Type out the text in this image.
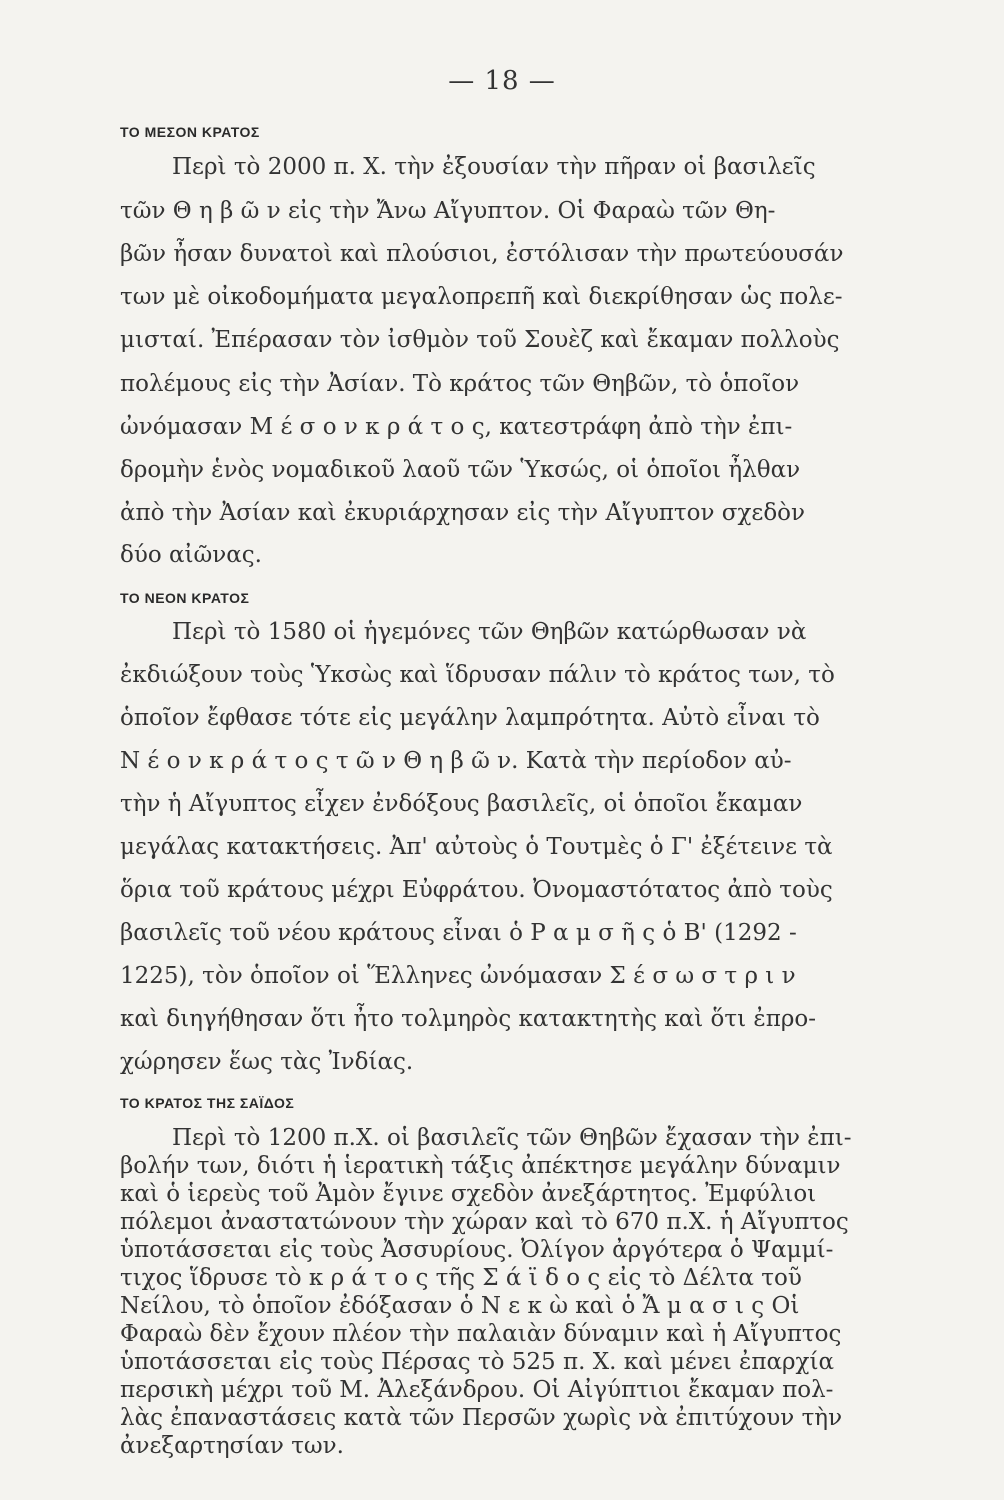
— 18 —
ΤΟ ΜΕΣΟΝ ΚΡΑΤΟΣ
Περὶ τὸ 2000 π. Χ. τὴν ἐξουσίαν τὴν πῆραν οἱ βασιλεῖς
τῶν Θ η β ῶ ν εἰς τὴν Ἄνω Αἴγυπτον. Οἱ Φαραὼ τῶν Θη-
βῶν ἦσαν δυνατοὶ καὶ πλούσιοι, ἐστόλισαν τὴν πρωτεύουσάν
των μὲ οἰκοδομήματα μεγαλοπρεπῆ καὶ διεκρίθησαν ὡς πολε-
μισταί. Ἐπέρασαν τὸν ἰσθμὸν τοῦ Σουὲζ καὶ ἔκαμαν πολλοὺς
πολέμους εἰς τὴν Ἀσίαν. Τὸ κράτος τῶν Θηβῶν, τὸ ὁποῖον
ὠνόμασαν Μ έ σ ο ν κ ρ ά τ ο ς, κατεστράφη ἀπὸ τὴν ἐπι-
δρομὴν ἑνὸς νομαδικοῦ λαοῦ τῶν Ὑκσώς, οἱ ὁποῖοι ἦλθαν
ἀπὸ τὴν Ἀσίαν καὶ ἐκυριάρχησαν εἰς τὴν Αἴγυπτον σχεδὸν
δύο αἰῶνας.
ΤΟ ΝΕΟΝ ΚΡΑΤΟΣ
Περὶ τὸ 1580 οἱ ἡγεμόνες τῶν Θηβῶν κατώρθωσαν νὰ
ἐκδιώξουν τοὺς Ὑκσὼς καὶ ἵδρυσαν πάλιν τὸ κράτος των, τὸ
ὁποῖον ἔφθασε τότε εἰς μεγάλην λαμπρότητα. Αὐτὸ εἶναι τὸ
Ν έ ο ν κ ρ ά τ ο ς τ ῶ ν Θ η β ῶ ν. Κατὰ τὴν περίοδον αὐ-
τὴν ἡ Αἴγυπτος εἶχεν ἐνδόξους βασιλεῖς, οἱ ὁποῖοι ἔκαμαν
μεγάλας κατακτήσεις. Ἀπ' αὐτοὺς ὁ Τουτμὲς ὁ Γ' ἐξέτεινε τὰ
ὅρια τοῦ κράτους μέχρι Εὐφράτου. Ὀνομαστότατος ἀπὸ τοὺς
βασιλεῖς τοῦ νέου κράτους εἶναι ὁ Ρ α μ σ ῆ ς ὁ Β' (1292 -
1225), τὸν ὁποῖον οἱ Ἕλληνες ὠνόμασαν Σ έ σ ω σ τ ρ ι ν
καὶ διηγήθησαν ὅτι ἦτο τολμηρὸς κατακτητὴς καὶ ὅτι ἐπρο-
χώρησεν ἕως τὰς Ἰνδίας.
ΤΟ ΚΡΑΤΟΣ ΤΗΣ ΣΑΪΔΟΣ
Περὶ τὸ 1200 π.Χ. οἱ βασιλεῖς τῶν Θηβῶν ἔχασαν τὴν ἐπι-
βολήν των, διότι ἡ ἱερατικὴ τάξις ἀπέκτησε μεγάλην δύναμιν
καὶ ὁ ἱερεὺς τοῦ Ἀμὸν ἔγινε σχεδὸν ἀνεξάρτητος. Ἐμφύλιοι
πόλεμοι ἀναστατώνουν τὴν χώραν καὶ τὸ 670 π.Χ. ἡ Αἴγυπτος
ὑποτάσσεται εἰς τοὺς Ἀσσυρίους. Ὀλίγον ἀργότερα ὁ Ψαμμί-
τιχος ἵδρυσε τὸ κ ρ ά τ ο ς τῆς Σ ά ϊ δ ο ς εἰς τὸ Δέλτα τοῦ
Νείλου, τὸ ὁποῖον ἐδόξασαν ὁ Ν ε κ ὼ καὶ ὁ Ἄ μ α σ ι ς Οἱ
Φαραὼ δὲν ἔχουν πλέον τὴν παλαιὰν δύναμιν καὶ ἡ Αἴγυπτος
ὑποτάσσεται εἰς τοὺς Πέρσας τὸ 525 π. Χ. καὶ μένει ἐπαρχία
περσικὴ μέχρι τοῦ Μ. Ἀλεξάνδρου. Οἱ Αἰγύπτιοι ἔκαμαν πολ-
λὰς ἐπαναστάσεις κατὰ τῶν Περσῶν χωρὶς νὰ ἐπιτύχουν τὴν
ἀνεξαρτησίαν των.
